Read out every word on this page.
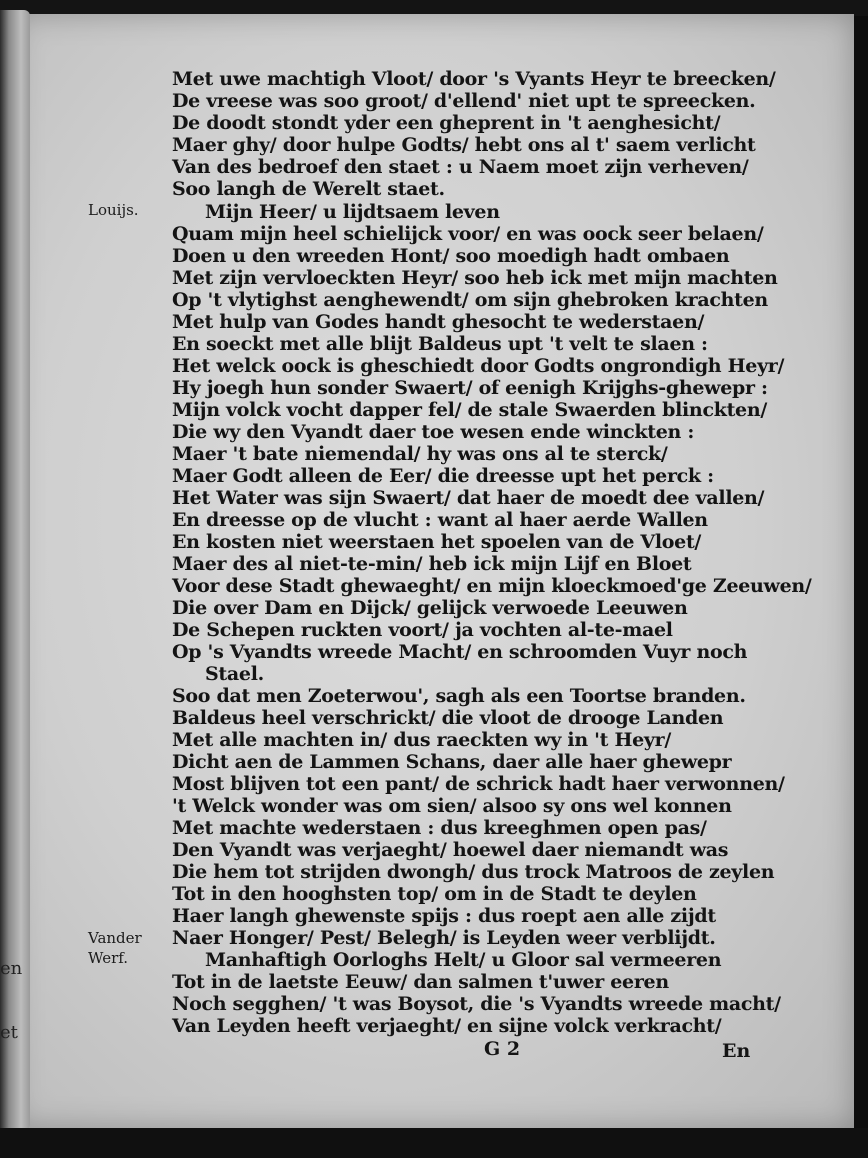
en
et
Louijs.
Vander
Werf.
Met uwe machtigh Vloot/ door 's Vyants Heyr te breecken/
De vreese was soo groot/ d'ellend' niet upt te spreecken.
De doodt stondt yder een gheprent in 't aenghesicht/
Maer ghy/ door hulpe Godts/ hebt ons al t' saem verlicht
Van des bedroef den staet : u Naem moet zijn verheven/
Soo langh de Werelt staet.
Mijn Heer/ u lijdtsaem leven
Quam mijn heel schielijck voor/ en was oock seer belaen/
Doen u den wreeden Hont/ soo moedigh hadt ombaen
Met zijn vervloeckten Heyr/ soo heb ick met mijn machten
Op 't vlytighst aenghewendt/ om sijn ghebroken krachten
Met hulp van Godes handt ghesocht te wederstaen/
En soeckt met alle blijt Baldeus upt 't velt te slaen :
Het welck oock is gheschiedt door Godts ongrondigh Heyr/
Hy joegh hun sonder Swaert/ of eenigh Krijghs-ghewepr :
Mijn volck vocht dapper fel/ de stale Swaerden blinckten/
Die wy den Vyandt daer toe wesen ende winckten :
Maer 't bate niemendal/ hy was ons al te sterck/
Maer Godt alleen de Eer/ die dreesse upt het perck :
Het Water was sijn Swaert/ dat haer de moedt dee vallen/
En dreesse op de vlucht : want al haer aerde Wallen
En kosten niet weerstaen het spoelen van de Vloet/
Maer des al niet-te-min/ heb ick mijn Lijf en Bloet
Voor dese Stadt ghewaeght/ en mijn kloeckmoed'ge Zeeuwen/
Die over Dam en Dijck/ gelijck verwoede Leeuwen
De Schepen ruckten voort/ ja vochten al-te-mael
Op 's Vyandts wreede Macht/ en schroomden Vuyr noch
Stael.
Soo dat men Zoeterwou', sagh als een Toortse branden.
Baldeus heel verschrickt/ die vloot de drooge Landen
Met alle machten in/ dus raeckten wy in 't Heyr/
Dicht aen de Lammen Schans, daer alle haer ghewepr
Most blijven tot een pant/ de schrick hadt haer verwonnen/
't Welck wonder was om sien/ alsoo sy ons wel konnen
Met machte wederstaen : dus kreeghmen open pas/
Den Vyandt was verjaeght/ hoewel daer niemandt was
Die hem tot strijden dwongh/ dus trock Matroos de zeylen
Tot in den hooghsten top/ om in de Stadt te deylen
Haer langh ghewenste spijs : dus roept aen alle zijdt
Naer Honger/ Pest/ Belegh/ is Leyden weer verblijdt.
Manhaftigh Oorloghs Helt/ u Gloor sal vermeeren
Tot in de laetste Eeuw/ dan salmen t'uwer eeren
Noch segghen/ 't was Boysot, die 's Vyandts wreede macht/
Van Leyden heeft verjaeght/ en sijne volck verkracht/
G 2	En
